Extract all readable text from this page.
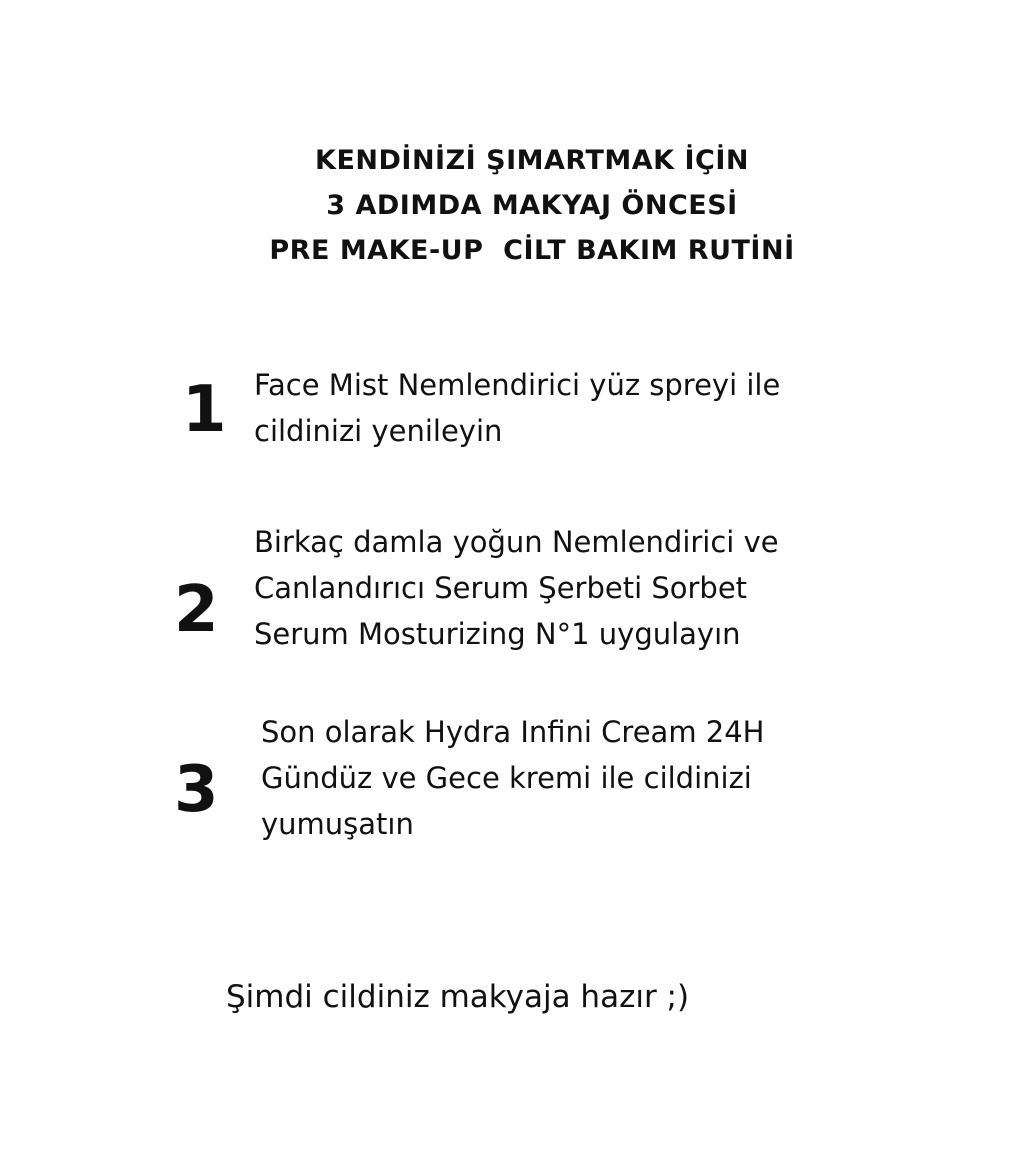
KENDİNİZİ ŞIMARTMAK İÇİN
3 ADIMDA MAKYAJ ÖNCESİ
PRE MAKE-UP  CİLT BAKIM RUTİNİ
1 Face Mist Nemlendirici yüz spreyi ile
cildinizi yenileyin
2
Birkaç damla yoğun Nemlendirici ve
Canlandırıcı Serum Şerbeti Sorbet
Serum Mosturizing N°1 uygulayın
3
Son olarak Hydra Infini Cream 24H
Gündüz ve Gece kremi ile cildinizi
yumuşatın
Şimdi cildiniz makyaja hazır ;)
